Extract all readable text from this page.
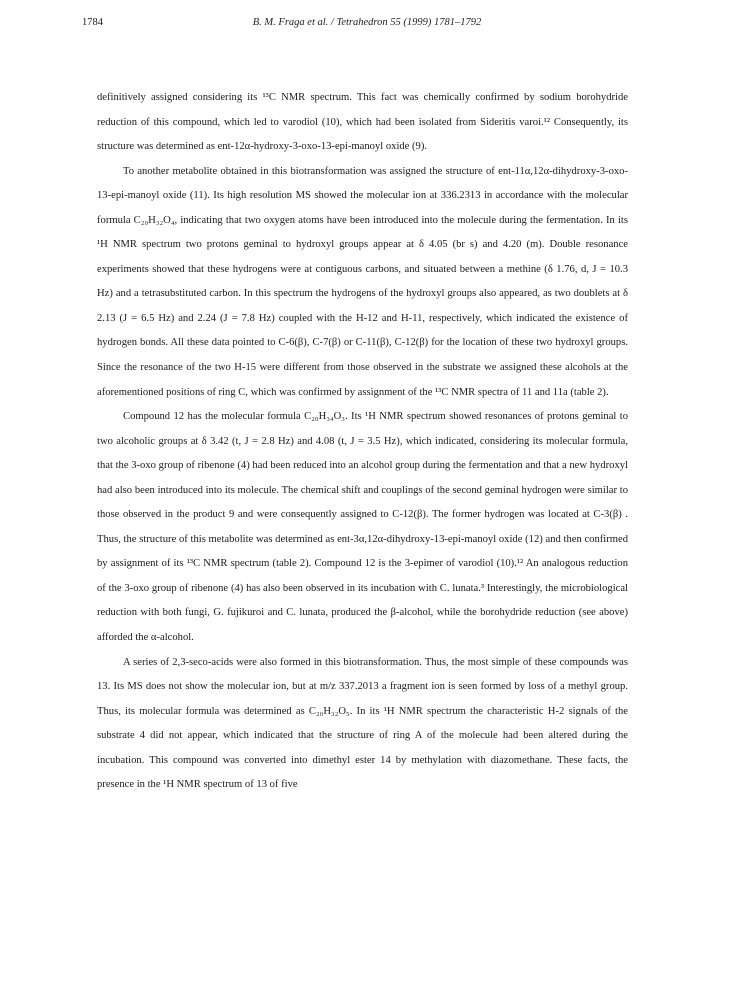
1784	B. M. Fraga et al. / Tetrahedron 55 (1999) 1781–1792

definitively assigned considering its ¹³C NMR spectrum. This fact was chemically confirmed by sodium borohydride reduction of this compound, which led to varodiol (10), which had been isolated from Sideritis varoi.¹² Consequently, its structure was determined as ent-12α-hydroxy-3-oxo-13-epi-manoyl oxide (9).

To another metabolite obtained in this biotransformation was assigned the structure of ent-11α,12α-dihydroxy-3-oxo-13-epi-manoyl oxide (11). Its high resolution MS showed the molecular ion at 336.2313 in accordance with the molecular formula C₂₀H₃₂O₄, indicating that two oxygen atoms have been introduced into the molecule during the fermentation. In its ¹H NMR spectrum two protons geminal to hydroxyl groups appear at δ 4.05 (br s) and 4.20 (m). Double resonance experiments showed that these hydrogens were at contiguous carbons, and situated between a methine (δ 1.76, d, J = 10.3 Hz) and a tetrasubstituted carbon. In this spectrum the hydrogens of the hydroxyl groups also appeared, as two doublets at δ 2.13 (J = 6.5 Hz) and 2.24 (J = 7.8 Hz) coupled with the H-12 and H-11, respectively, which indicated the existence of hydrogen bonds. All these data pointed to C-6(β), C-7(β) or C-11(β), C-12(β) for the location of these two hydroxyl groups. Since the resonance of the two H-15 were different from those observed in the substrate we assigned these alcohols at the aforementioned positions of ring C, which was confirmed by assignment of the ¹³C NMR spectra of 11 and 11a (table 2).

Compound 12 has the molecular formula C₂₀H₃₄O₃. Its ¹H NMR spectrum showed resonances of protons geminal to two alcoholic groups at δ 3.42 (t, J = 2.8 Hz) and 4.08 (t, J = 3.5 Hz), which indicated, considering its molecular formula, that the 3-oxo group of ribenone (4) had been reduced into an alcohol group during the fermentation and that a new hydroxyl had also been introduced into its molecule. The chemical shift and couplings of the second geminal hydrogen were similar to those observed in the product 9 and were consequently assigned to C-12(β). The former hydrogen was located at C-3(β) . Thus, the structure of this metabolite was determined as ent-3α,12α-dihydroxy-13-epi-manoyl oxide (12) and then confirmed by assignment of its ¹³C NMR spectrum (table 2). Compound 12 is the 3-epimer of varodiol (10).¹² An analogous reduction of the 3-oxo group of ribenone (4) has also been observed in its incubation with C. lunata.³ Interestingly, the microbiological reduction with both fungi, G. fujikuroi and C. lunata, produced the β-alcohol, while the borohydride reduction (see above) afforded the α-alcohol.

A series of 2,3-seco-acids were also formed in this biotransformation. Thus, the most simple of these compounds was 13. Its MS does not show the molecular ion, but at m/z 337.2013 a fragment ion is seen formed by loss of a methyl group. Thus, its molecular formula was determined as C₂₀H₃₂O₅. In its ¹H NMR spectrum the characteristic H-2 signals of the substrate 4 did not appear, which indicated that the structure of ring A of the molecule had been altered during the incubation. This compound was converted into dimethyl ester 14 by methylation with diazomethane. These facts, the presence in the ¹H NMR spectrum of 13 of five
